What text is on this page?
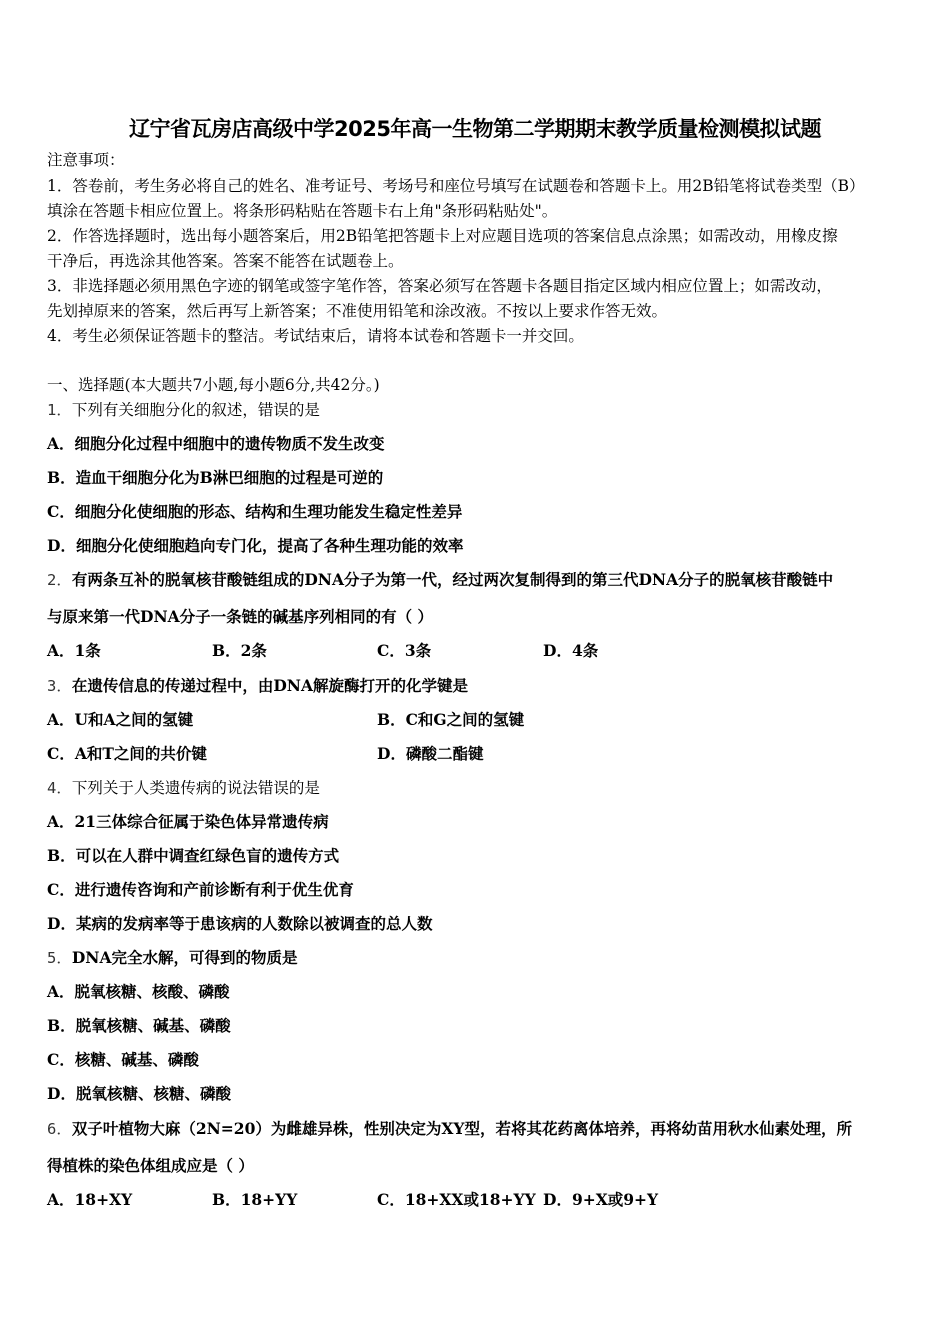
辽宁省瓦房店高级中学2025年高一生物第二学期期末教学质量检测模拟试题
注意事项：
1．答卷前，考生务必将自己的姓名、准考证号、考场号和座位号填写在试题卷和答题卡上。用2B铅笔将试卷类型（B）
填涂在答题卡相应位置上。将条形码粘贴在答题卡右上角"条形码粘贴处"。
2．作答选择题时，选出每小题答案后，用2B铅笔把答题卡上对应题目选项的答案信息点涂黑；如需改动，用橡皮擦
干净后，再选涂其他答案。答案不能答在试题卷上。
3．非选择题必须用黑色字迹的钢笔或签字笔作答，答案必须写在答题卡各题目指定区域内相应位置上；如需改动，
先划掉原来的答案，然后再写上新答案；不准使用铅笔和涂改液。不按以上要求作答无效。
4．考生必须保证答题卡的整洁。考试结束后，请将本试卷和答题卡一并交回。
一、选择题(本大题共7小题,每小题6分,共42分。)
1．下列有关细胞分化的叙述，错误的是
A．细胞分化过程中细胞中的遗传物质不发生改变
B．造血干细胞分化为B淋巴细胞的过程是可逆的
C．细胞分化使细胞的形态、结构和生理功能发生稳定性差异
D．细胞分化使细胞趋向专门化，提高了各种生理功能的效率
2．有两条互补的脱氧核苷酸链组成的DNA分子为第一代，经过两次复制得到的第三代DNA分子的脱氧核苷酸链中
与原来第一代DNA分子一条链的碱基序列相同的有（ ）
A．1条	B．2条	C．3条	D．4条
3．在遗传信息的传递过程中，由DNA解旋酶打开的化学键是
A．U和A之间的氢键	B．C和G之间的氢键
C．A和T之间的共价键	D．磷酸二酯键
4．下列关于人类遗传病的说法错误的是
A．21三体综合征属于染色体异常遗传病
B．可以在人群中调查红绿色盲的遗传方式
C．进行遗传咨询和产前诊断有利于优生优育
D．某病的发病率等于患该病的人数除以被调查的总人数
5．DNA完全水解，可得到的物质是
A．脱氧核糖、核酸、磷酸
B．脱氧核糖、碱基、磷酸
C．核糖、碱基、磷酸
D．脱氧核糖、核糖、磷酸
6．双子叶植物大麻（2N=20）为雌雄异株，性别决定为XY型，若将其花药离体培养，再将幼苗用秋水仙素处理，所
得植株的染色体组成应是（ ）
A．18+XY	B．18+YY	C．18+XX或18+YY D．9+X或9+Y
